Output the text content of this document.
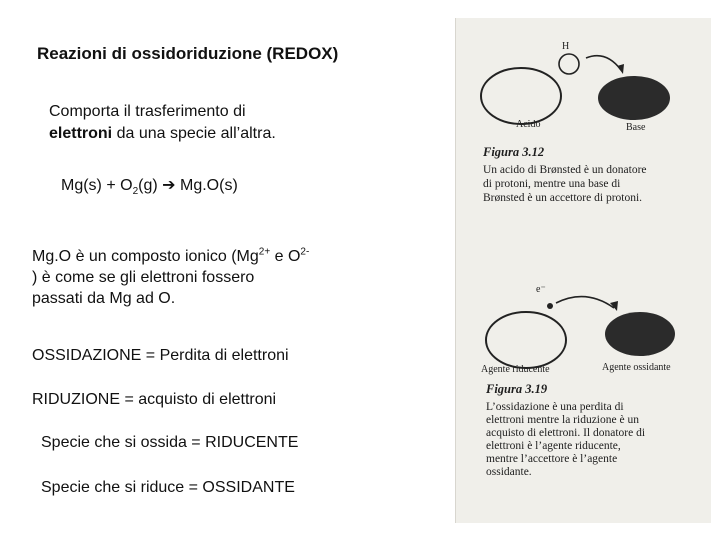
Reazioni di ossidoriduzione (REDOX)
Comporta il trasferimento di
elettroni da una specie all’altra.
$Mg(s) + O_2(g)$ ➔ Mg.O(s)
Mg.O è un composto ionico ($Mg^{2+}$ e $O^{2-}$
) è come se gli elettroni fossero
passati da Mg ad O.
OSSIDAZIONE = Perdita di elettroni
RIDUZIONE = acquisto di elettroni
Specie che si ossida = RIDUCENTE
Specie che si riduce = OSSIDANTE
H
Acido	Base
Figura 3.12
Un acido di Brønsted è un donatore
di protoni, mentre una base di
Brønsted è un accettore di protoni.
e⁻
Agente riducente	Agente ossidante
Figura 3.19
L’ossidazione è una perdita di
elettroni mentre la riduzione è un
acquisto di elettroni. Il donatore di
elettroni è l’agente riducente,
mentre l’accettore è l’agente
ossidante.
